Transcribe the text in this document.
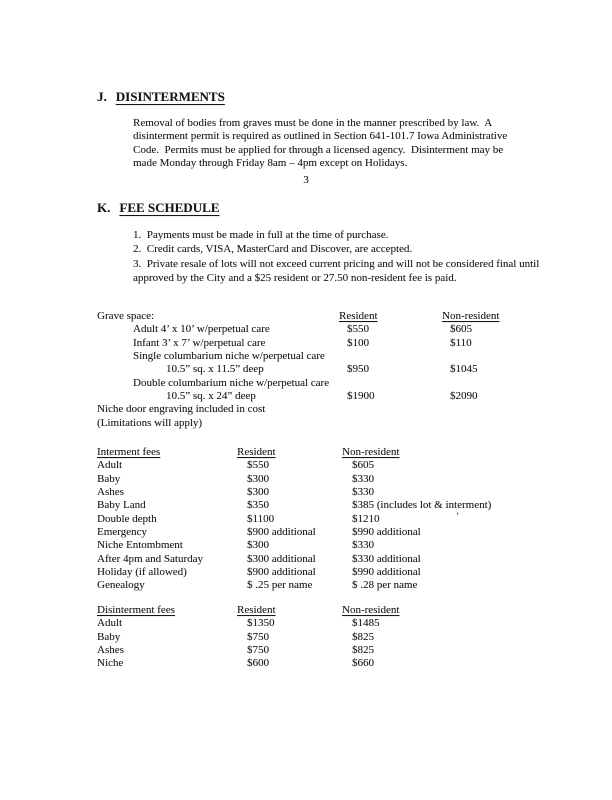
J. DISINTERMENTS
Removal of bodies from graves must be done in the manner prescribed by law.  A disinterment permit is required as outlined in Section 641-101.7 Iowa Administrative Code.  Permits must be applied for through a licensed agency.  Disinterment may be made Monday through Friday 8am – 4pm except on Holidays.
3
K. FEE SCHEDULE
1.  Payments must be made in full at the time of purchase.
2.  Credit cards, VISA, MasterCard and Discover, are accepted.
3.  Private resale of lots will not exceed current pricing and will not be considered final until approved by the City and a $25 resident or 27.50 non-resident fee is paid.
Grave space:	Resident	Non-resident
Adult 4’ x 10’ w/perpetual care	$550	$605
Infant 3’ x 7’ w/perpetual care	$100	$110
Single columbarium niche w/perpetual care
10.5” sq. x 11.5” deep	$950	$1045
Double columbarium niche w/perpetual care
10.5” sq. x 24” deep	$1900	$2090
Niche door engraving included in cost
(Limitations will apply)
Interment fees	Resident	Non-resident
Adult	$550	$605
Baby	$300	$330
Ashes	$300	$330
Baby Land	$350	$385 (includes lot & interment)
Double depth	$1100	$1210
Emergency	$900 additional	$990 additional
Niche Entombment	$300	$330
After 4pm and Saturday	$300 additional	$330 additional
Holiday (if allowed)	$900 additional	$990 additional
Genealogy	$ .25 per name	$ .28 per name
Disinterment fees	Resident	Non-resident
Adult	$1350	$1485
Baby	$750	$825
Ashes	$750	$825
Niche	$600	$660
ʼ
